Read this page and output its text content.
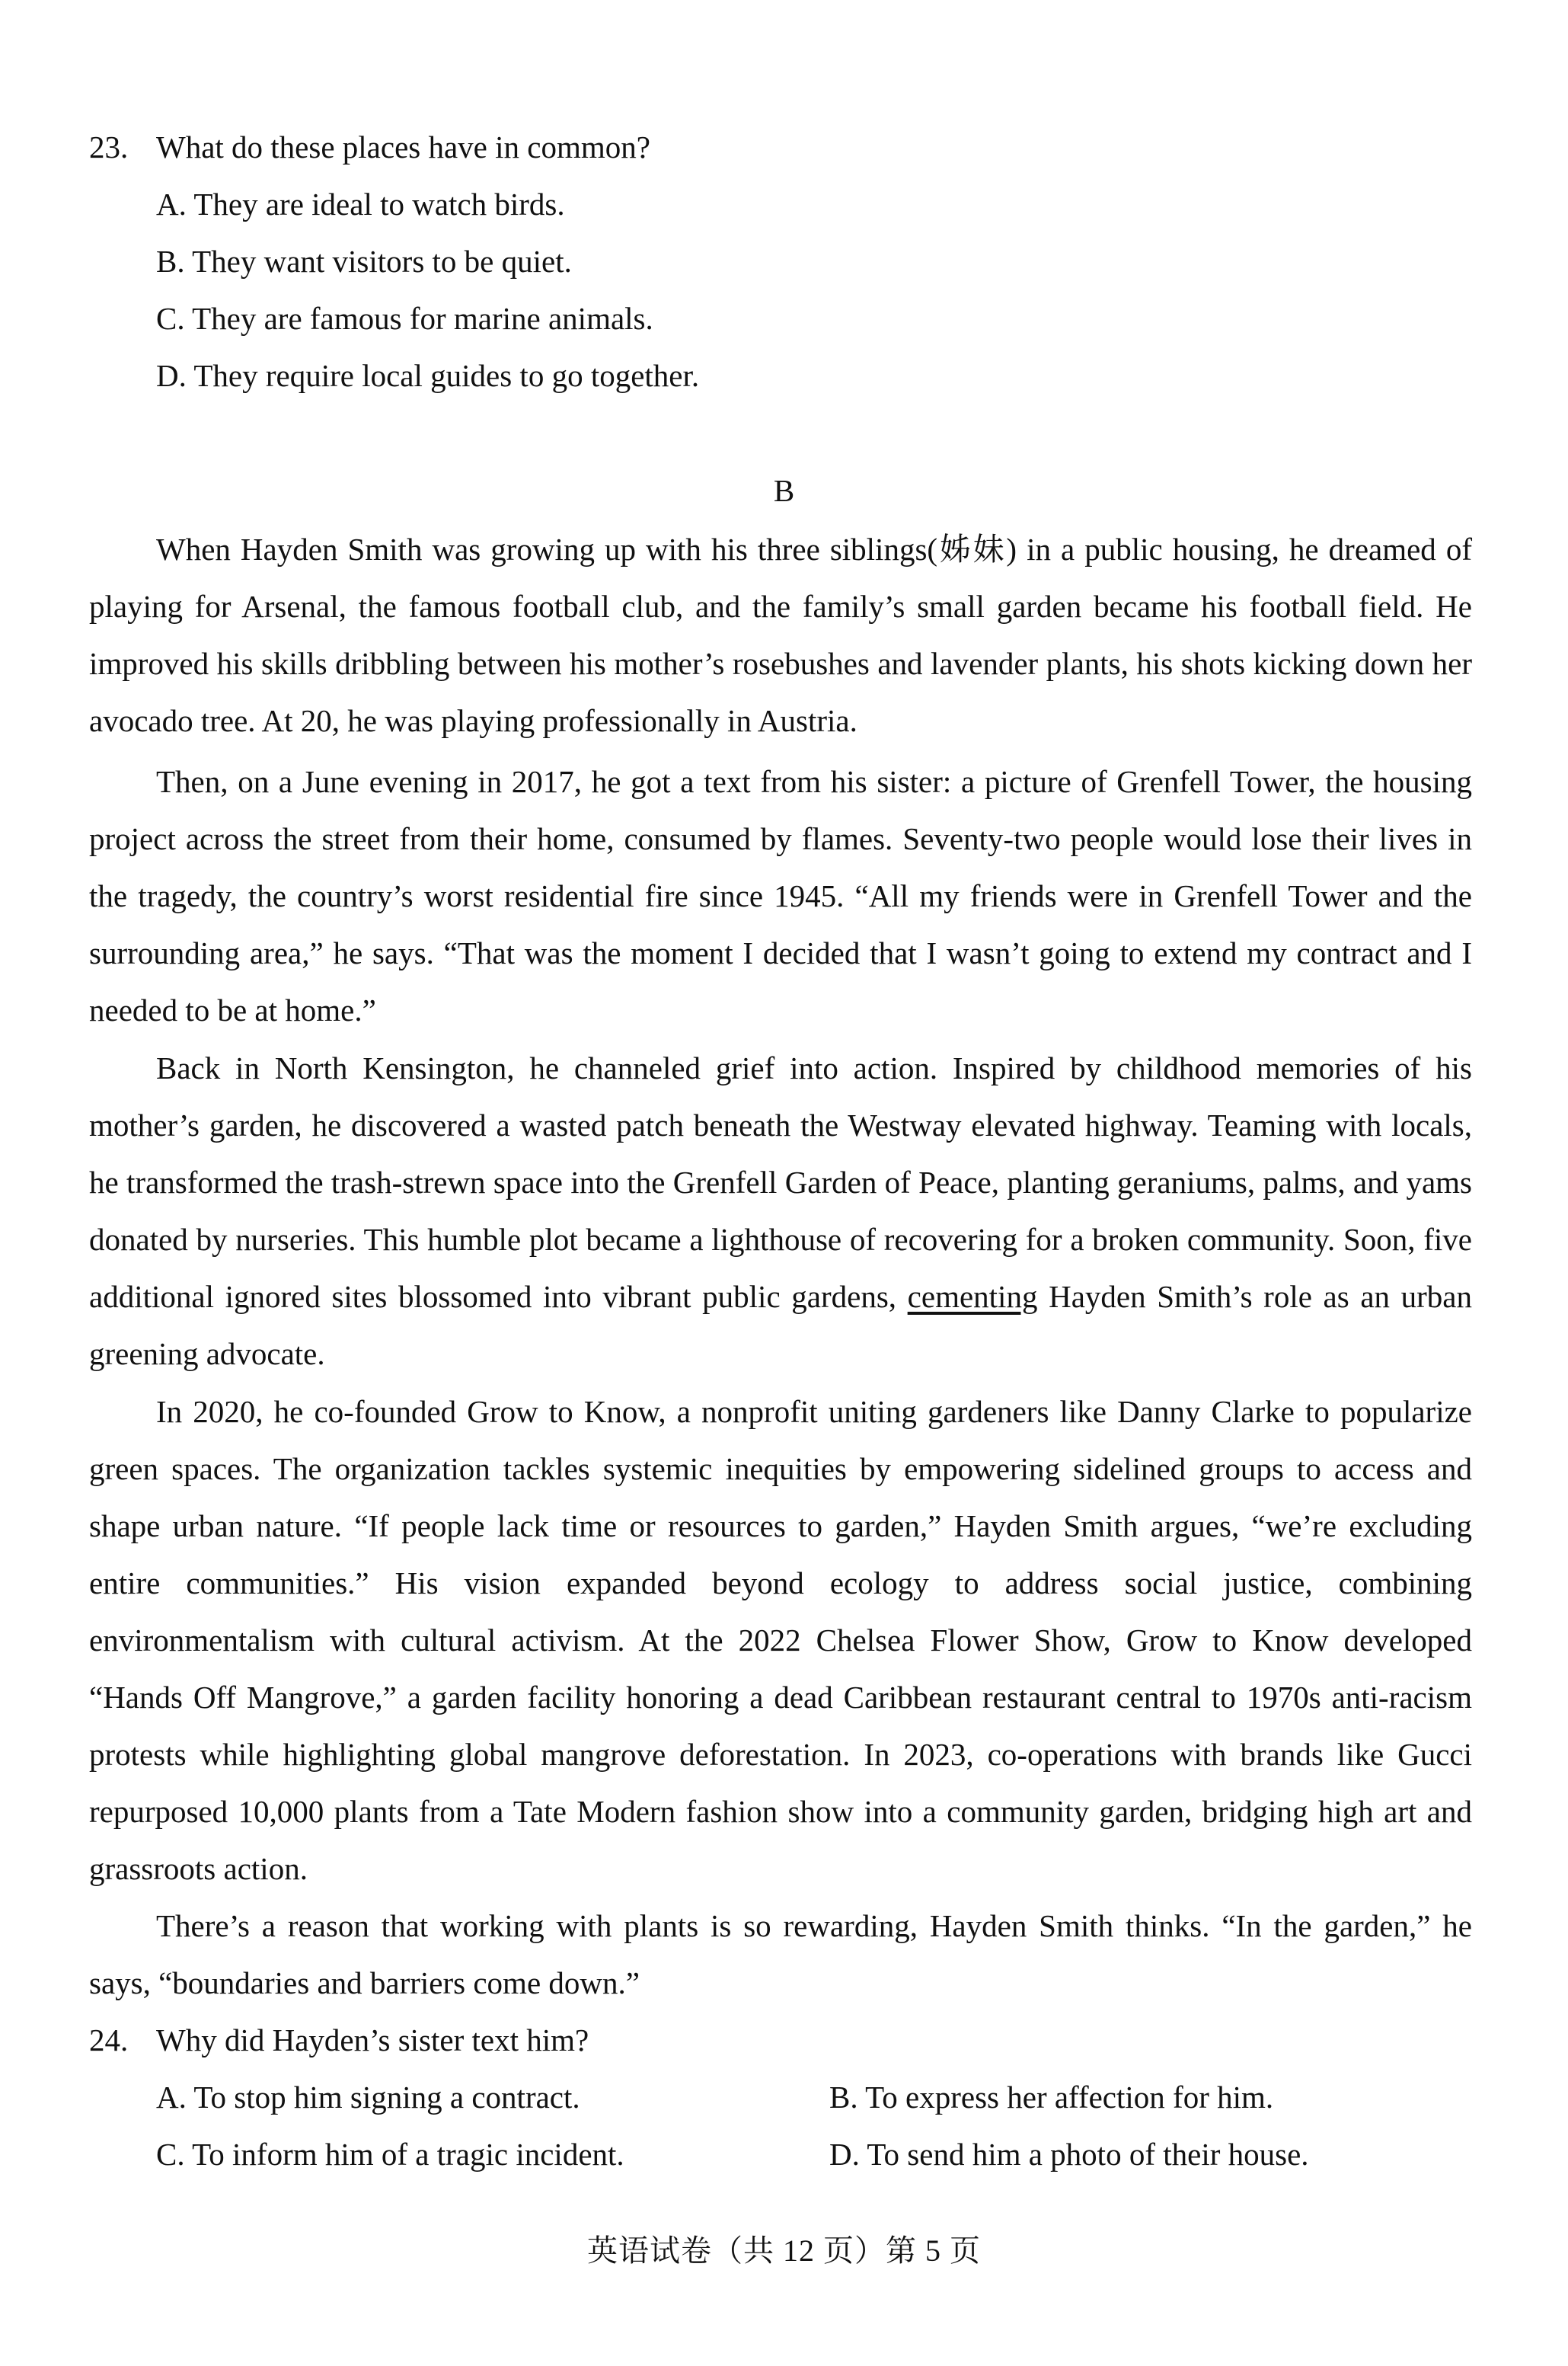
23. What do these places have in common?
A. They are ideal to watch birds.
B. They want visitors to be quiet.
C. They are famous for marine animals.
D. They require local guides to go together.
B
When Hayden Smith was growing up with his three siblings(姊妹) in a public housing, he dreamed of playing for Arsenal, the famous football club, and the family’s small garden became his football field. He improved his skills dribbling between his mother’s rosebushes and lavender plants, his shots kicking down her avocado tree. At 20, he was playing professionally in Austria.
Then, on a June evening in 2017, he got a text from his sister: a picture of Grenfell Tower, the housing project across the street from their home, consumed by flames. Seventy-two people would lose their lives in the tragedy, the country’s worst residential fire since 1945. “All my friends were in Grenfell Tower and the surrounding area,” he says. “That was the moment I decided that I wasn’t going to extend my contract and I needed to be at home.”
Back in North Kensington, he channeled grief into action. Inspired by childhood memories of his mother’s garden, he discovered a wasted patch beneath the Westway elevated highway. Teaming with locals, he transformed the trash-strewn space into the Grenfell Garden of Peace, planting geraniums, palms, and yams donated by nurseries. This humble plot became a lighthouse of recovering for a broken community. Soon, five additional ignored sites blossomed into vibrant public gardens, cementing Hayden Smith’s role as an urban greening advocate.
In 2020, he co-founded Grow to Know, a nonprofit uniting gardeners like Danny Clarke to popularize green spaces. The organization tackles systemic inequities by empowering sidelined groups to access and shape urban nature. “If people lack time or resources to garden,” Hayden Smith argues, “we’re excluding entire communities.” His vision expanded beyond ecology to address social justice, combining environmentalism with cultural activism. At the 2022 Chelsea Flower Show, Grow to Know developed “Hands Off Mangrove,” a garden facility honoring a dead Caribbean restaurant central to 1970s anti-racism protests while highlighting global mangrove deforestation. In 2023, co-operations with brands like Gucci repurposed 10,000 plants from a Tate Modern fashion show into a community garden, bridging high art and grassroots action.
There’s a reason that working with plants is so rewarding, Hayden Smith thinks. “In the garden,” he says, “boundaries and barriers come down.”
24. Why did Hayden’s sister text him?
A. To stop him signing a contract.	B. To express her affection for him.
C. To inform him of a tragic incident.	D. To send him a photo of their house.
英语试卷（共 12 页）第 5 页
